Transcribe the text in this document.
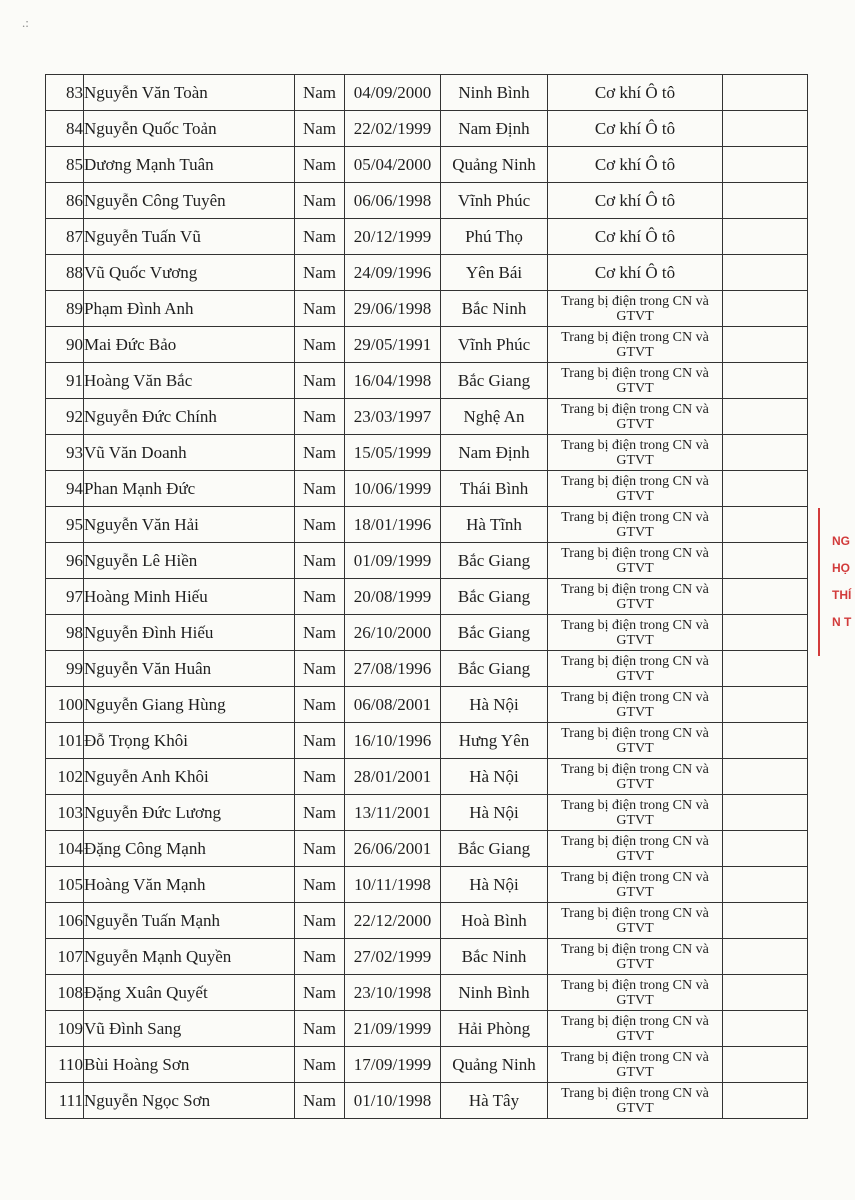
.:
83	Nguyễn Văn Toàn	Nam	04/09/2000	Ninh Bình	Cơ khí Ô tô	
84	Nguyễn Quốc Toản	Nam	22/02/1999	Nam Định	Cơ khí Ô tô	
85	Dương Mạnh Tuân	Nam	05/04/2000	Quảng Ninh	Cơ khí Ô tô	
86	Nguyễn Công Tuyên	Nam	06/06/1998	Vĩnh Phúc	Cơ khí Ô tô	
87	Nguyễn Tuấn Vũ	Nam	20/12/1999	Phú Thọ	Cơ khí Ô tô	
88	Vũ Quốc Vương	Nam	24/09/1996	Yên Bái	Cơ khí Ô tô	
89	Phạm Đình Anh	Nam	29/06/1998	Bắc Ninh	Trang bị điện trong CN và GTVT	
90	Mai Đức Bảo	Nam	29/05/1991	Vĩnh Phúc	Trang bị điện trong CN và GTVT	
91	Hoàng Văn Bắc	Nam	16/04/1998	Bắc Giang	Trang bị điện trong CN và GTVT	
92	Nguyễn Đức Chính	Nam	23/03/1997	Nghệ An	Trang bị điện trong CN và GTVT	
93	Vũ Văn Doanh	Nam	15/05/1999	Nam Định	Trang bị điện trong CN và GTVT	
94	Phan Mạnh Đức	Nam	10/06/1999	Thái Bình	Trang bị điện trong CN và GTVT	
95	Nguyễn Văn Hải	Nam	18/01/1996	Hà Tĩnh	Trang bị điện trong CN và GTVT	
96	Nguyễn Lê Hiền	Nam	01/09/1999	Bắc Giang	Trang bị điện trong CN và GTVT	
97	Hoàng Minh Hiếu	Nam	20/08/1999	Bắc Giang	Trang bị điện trong CN và GTVT	
98	Nguyễn Đình Hiếu	Nam	26/10/2000	Bắc Giang	Trang bị điện trong CN và GTVT	
99	Nguyễn Văn Huân	Nam	27/08/1996	Bắc Giang	Trang bị điện trong CN và GTVT	
100	Nguyễn Giang Hùng	Nam	06/08/2001	Hà Nội	Trang bị điện trong CN và GTVT	
101	Đỗ Trọng Khôi	Nam	16/10/1996	Hưng Yên	Trang bị điện trong CN và GTVT	
102	Nguyễn Anh Khôi	Nam	28/01/2001	Hà Nội	Trang bị điện trong CN và GTVT	
103	Nguyễn Đức Lương	Nam	13/11/2001	Hà Nội	Trang bị điện trong CN và GTVT	
104	Đặng Công Mạnh	Nam	26/06/2001	Bắc Giang	Trang bị điện trong CN và GTVT	
105	Hoàng Văn Mạnh	Nam	10/11/1998	Hà Nội	Trang bị điện trong CN và GTVT	
106	Nguyễn Tuấn Mạnh	Nam	22/12/2000	Hoà Bình	Trang bị điện trong CN và GTVT	
107	Nguyễn Mạnh Quyền	Nam	27/02/1999	Bắc Ninh	Trang bị điện trong CN và GTVT	
108	Đặng Xuân Quyết	Nam	23/10/1998	Ninh Bình	Trang bị điện trong CN và GTVT	
109	Vũ Đình Sang	Nam	21/09/1999	Hải Phòng	Trang bị điện trong CN và GTVT	
110	Bùi Hoàng Sơn	Nam	17/09/1999	Quảng Ninh	Trang bị điện trong CN và GTVT	
111	Nguyễn Ngọc Sơn	Nam	01/10/1998	Hà Tây	Trang bị điện trong CN và GTVT	
NG HỌ THÍ N T
